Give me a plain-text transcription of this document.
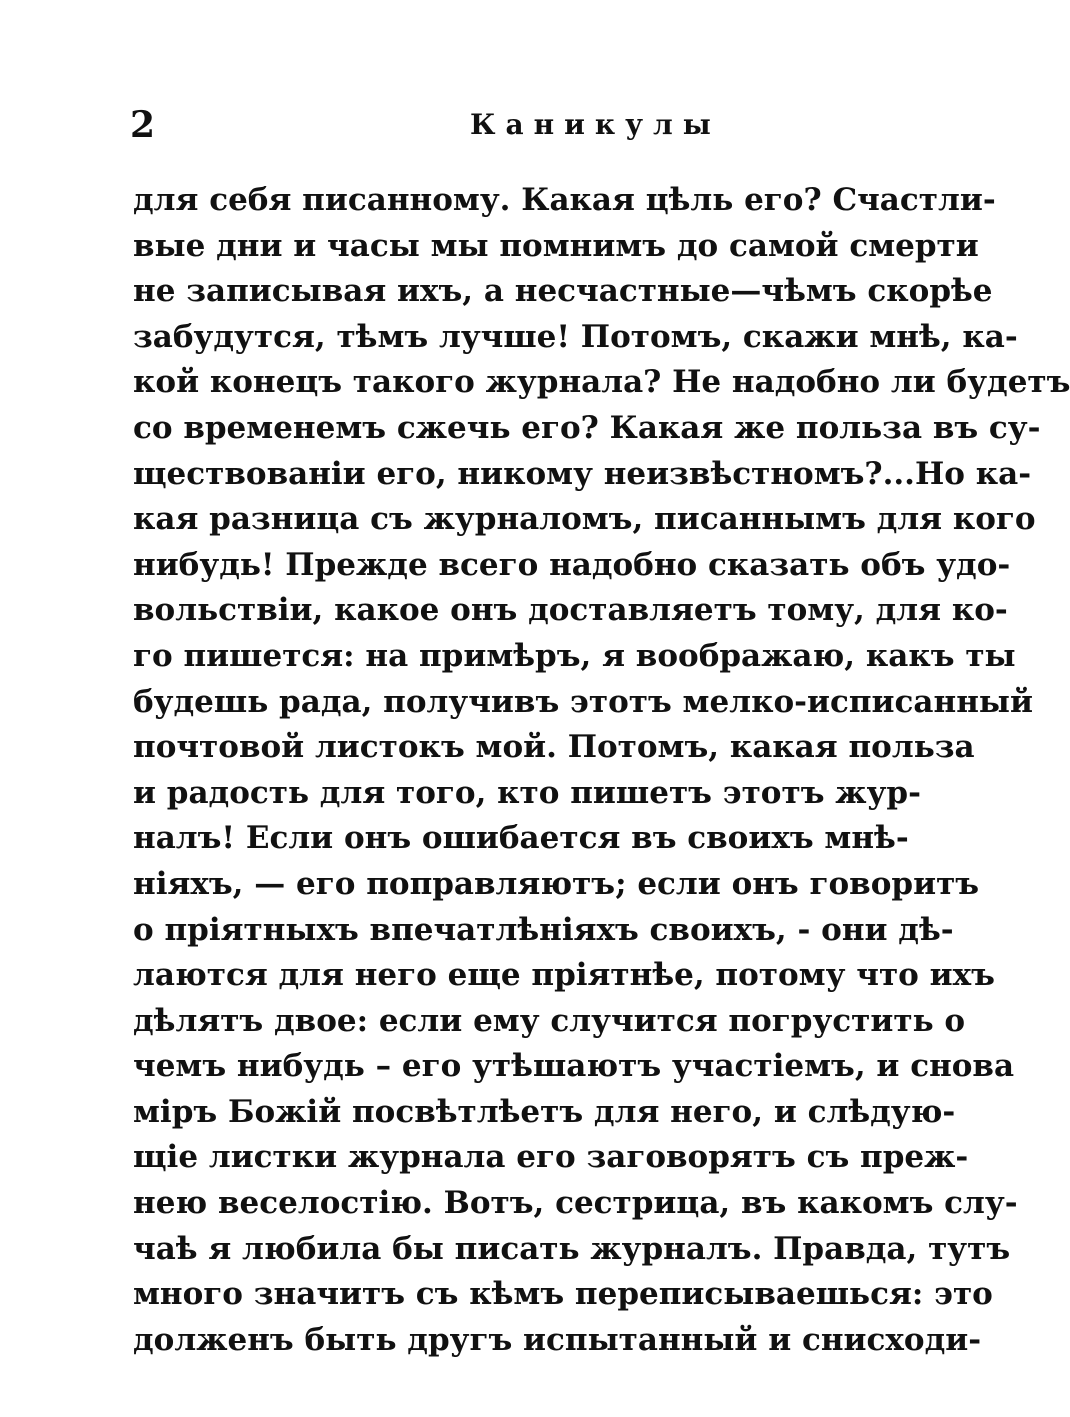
2	Каникулы
для себя писанному. Какая цѣль его? Счастли-
вые дни и часы мы помнимъ до самой смерти
не записывая ихъ, а несчастные—чѣмъ скорѣе
забудутся, тѣмъ лучше! Потомъ, скажи мнѣ, ка-
кой конецъ такого журнала? Не надобно ли будетъ
со временемъ сжечь его? Какая же польза въ су-
ществованіи его, никому неизвѣстномъ?...Но ка-
кая разница съ журналомъ, писаннымъ для кого
нибудь! Прежде всего надобно сказать объ удо-
вольствіи, какое онъ доставляетъ тому, для ко-
го пишется: на примѣръ, я воображаю, какъ ты
будешь рада, получивъ этотъ мелко-исписанный
почтовой листокъ мой. Потомъ, какая польза
и радость для того, кто пишетъ этотъ жур-
налъ! Если онъ ошибается въ своихъ мнѣ-
ніяхъ, — его поправляютъ; если онъ говоритъ
о пріятныхъ впечатлѣніяхъ своихъ, - они дѣ-
лаются для него еще пріятнѣе, потому что ихъ
дѣлятъ двое: если ему случится погрустить о
чемъ нибудь – его утѣшаютъ участіемъ, и снова
міръ Божій посвѣтлѣетъ для него, и слѣдую-
щіе листки журнала его заговорятъ съ преж-
нею веселостію. Вотъ, сестрица, въ какомъ слу-
чаѣ я любила бы писать журналъ. Правда, тутъ
много значитъ съ кѣмъ переписываешься: это
долженъ быть другъ испытанный и снисходи-
